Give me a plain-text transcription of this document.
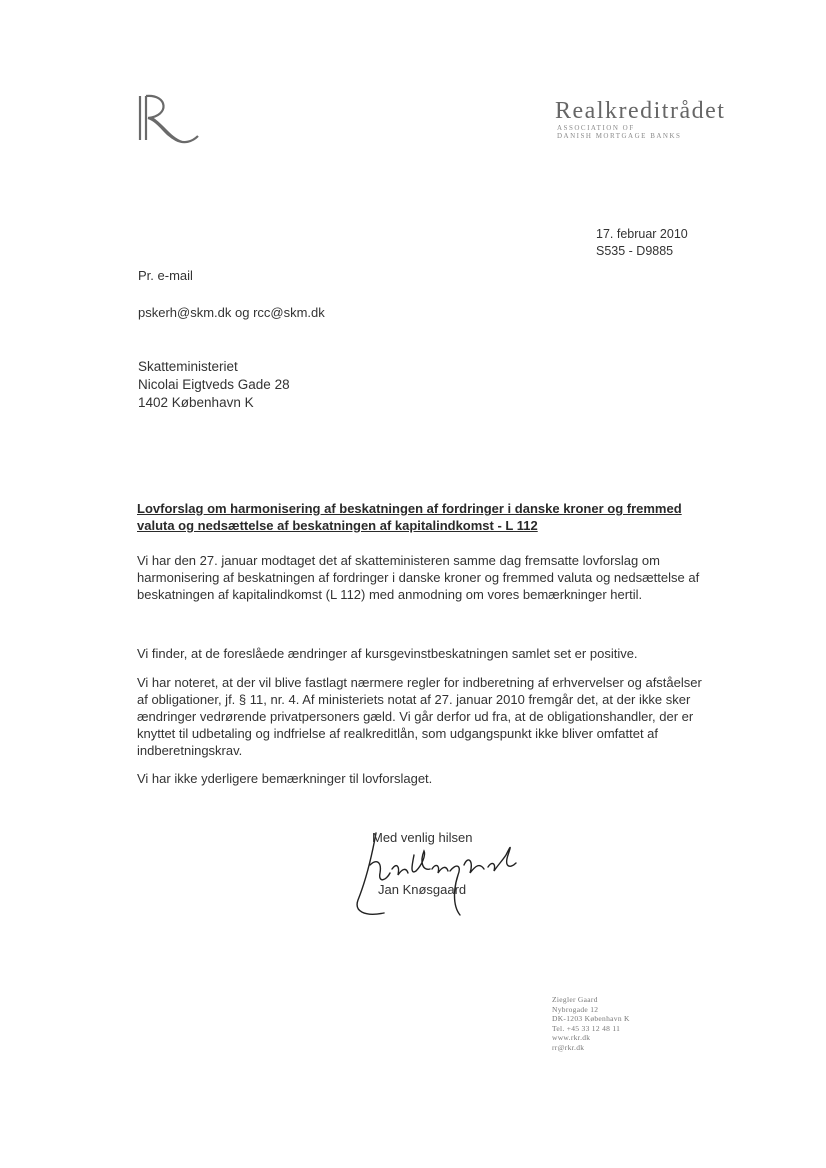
Realkreditrådet
ASSOCIATION OF
DANISH MORTGAGE BANKS
17. februar 2010
S535 - D9885
Pr. e-mail
pskerh@skm.dk og rcc@skm.dk
Skatteministeriet
Nicolai Eigtveds Gade 28
1402 København K
Lovforslag om harmonisering af beskatningen af fordringer i danske kroner og fremmed valuta og nedsættelse af beskatningen af kapitalindkomst - L 112
Vi har den 27. januar modtaget det af skatteministeren samme dag fremsatte lovforslag om harmonisering af beskatningen af fordringer i danske kroner og fremmed valuta og nedsættelse af beskatningen af kapitalindkomst (L 112) med anmodning om vores bemærkninger hertil.
Vi finder, at de foreslåede ændringer af kursgevinstbeskatningen samlet set er positive.
Vi har noteret, at der vil blive fastlagt nærmere regler for indberetning af erhvervelser og afståelser af obligationer, jf. § 11, nr. 4. Af ministeriets notat af 27. januar 2010 fremgår det, at der ikke sker ændringer vedrørende privatpersoners gæld. Vi går derfor ud fra, at de obligationshandler, der er knyttet til udbetaling og indfrielse af realkreditlån, som udgangspunkt ikke bliver omfattet af indberetningskrav.
Vi har ikke yderligere bemærkninger til lovforslaget.
Med venlig hilsen
Jan Knøsgaard
Ziegler Gaard
Nybrogade 12
DK-1203 København K
Tel. +45 33 12 48 11
www.rkr.dk
rr@rkr.dk
